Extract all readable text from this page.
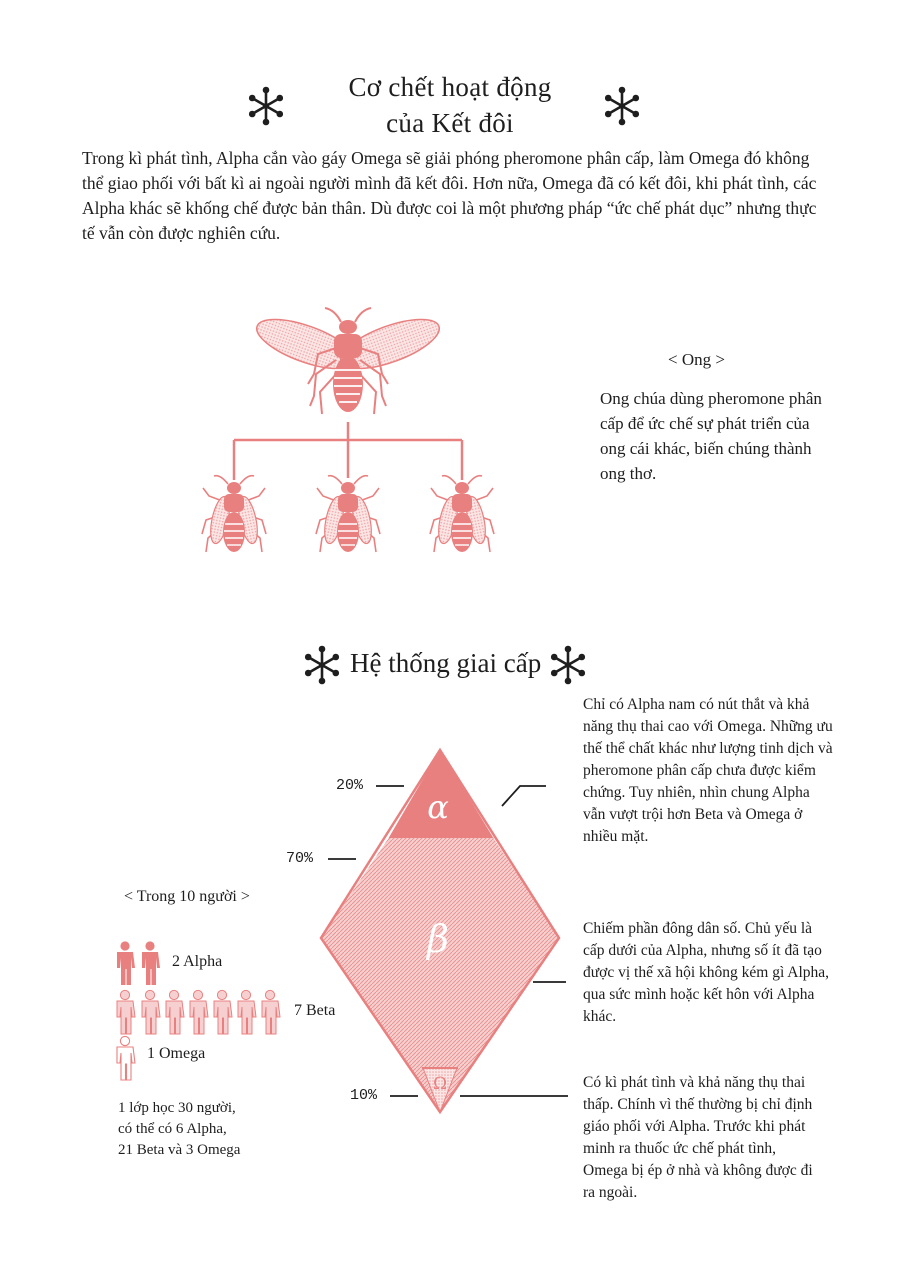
Cơ chết hoạt động
của Kết đôi
α
β
Ω
Trong kì phát tình, Alpha cắn vào gáy Omega sẽ giải phóng pheromone phân cấp, làm Omega đó không thể giao phối với bất kì ai ngoài người mình đã kết đôi. Hơn nữa, Omega đã có kết đôi, khi phát tình, các Alpha khác sẽ khống chế được bản thân. Dù được coi là một phương pháp “ức chế phát dục” nhưng thực tế vẫn còn được nghiên cứu.
< Ong >
Ong chúa dùng pheromone phân cấp để ức chế sự phát triển của ong cái khác, biến chúng thành ong thơ.
Hệ thống giai cấp
Chỉ có Alpha nam có nút thắt và khả năng thụ thai cao với Omega. Những ưu thế thể chất khác như lượng tinh dịch và pheromone phân cấp chưa được kiểm chứng. Tuy nhiên, nhìn chung Alpha vẫn vượt trội hơn Beta và Omega ở nhiều mặt.
Chiếm phần đông dân số. Chủ yếu là cấp dưới của Alpha, nhưng số ít đã tạo được vị thế xã hội không kém gì Alpha, qua sức mình hoặc kết hôn với Alpha khác.
Có kì phát tình và khả năng thụ thai thấp. Chính vì thế thường bị chỉ định giáo phối với Alpha. Trước khi phát minh ra thuốc ức chế phát tình, Omega bị ép ở nhà và không được đi ra ngoài.
20%
70%
10%
< Trong 10 người >
2 Alpha
7 Beta
1 Omega
1 lớp học 30 người,
có thể có 6 Alpha,
21 Beta và 3 Omega
